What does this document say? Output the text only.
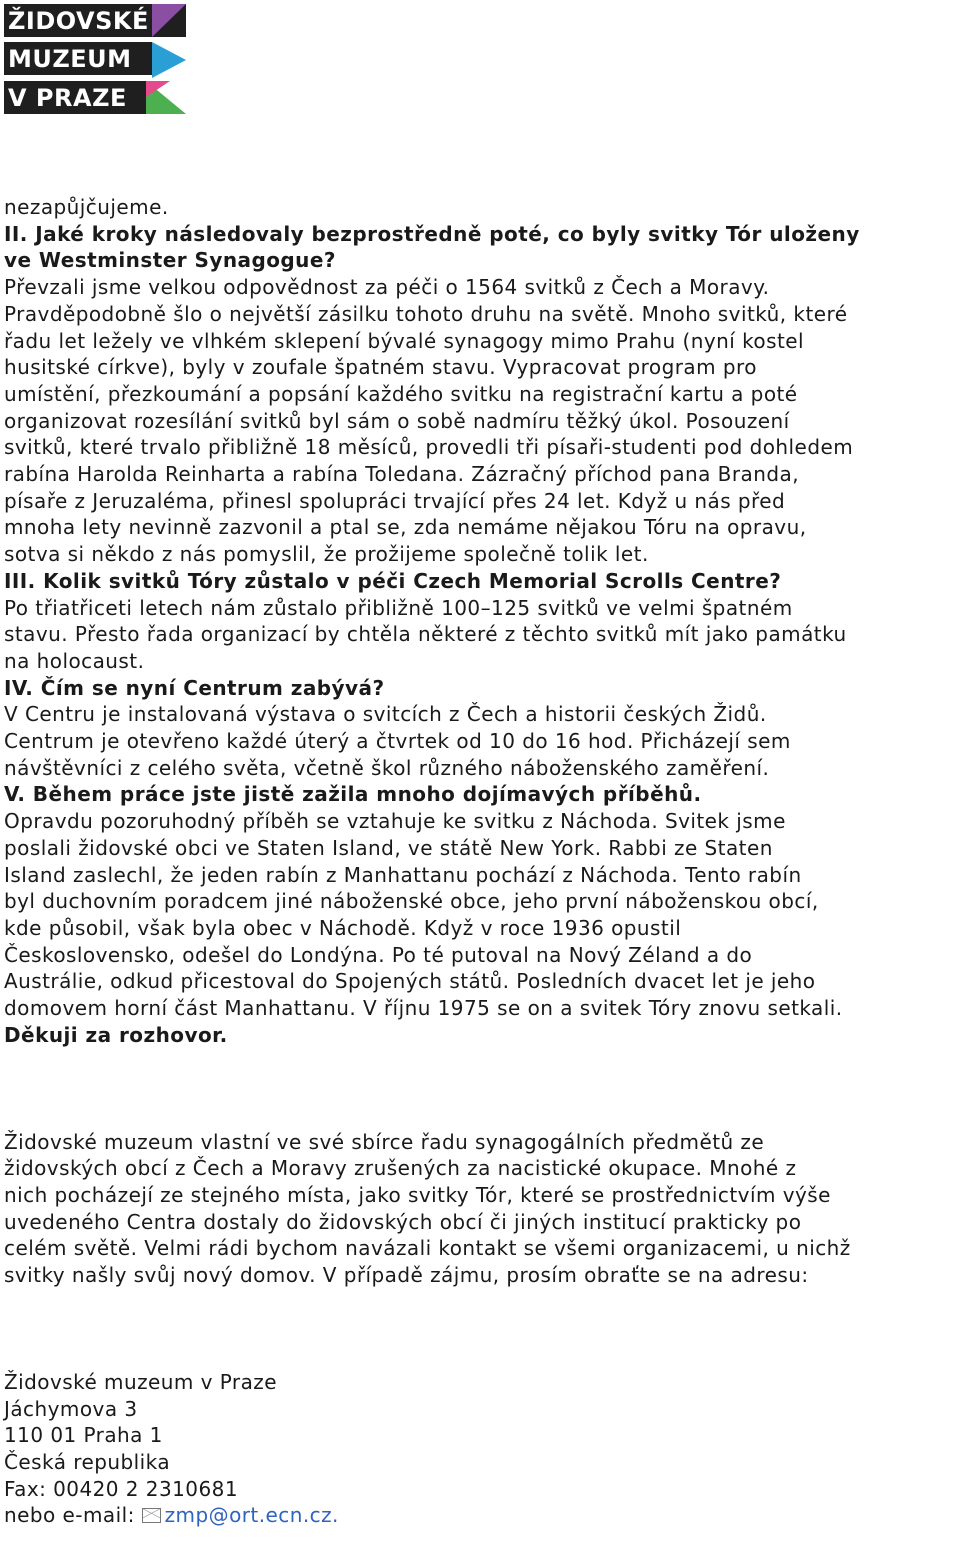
ŽIDOVSKÉ
MUZEUM
V PRAZE

nezapůjčujeme.

II. Jaké kroky následovaly bezprostředně poté, co byly svitky Tór uloženy

ve Westminster Synagogue?

Převzali jsme velkou odpovědnost za péči o 1564 svitků z Čech a Moravy.

Pravděpodobně šlo o největší zásilku tohoto druhu na světě. Mnoho svitků, které

řadu let ležely ve vlhkém sklepení bývalé synagogy mimo Prahu (nyní kostel

husitské církve), byly v zoufale špatném stavu. Vypracovat program pro

umístění, přezkoumání a popsání každého svitku na registrační kartu a poté

organizovat rozesílání svitků byl sám o sobě nadmíru těžký úkol. Posouzení

svitků, které trvalo přibližně 18 měsíců, provedli tři písaři-studenti pod dohledem

rabína Harolda Reinharta a rabína Toledana. Zázračný příchod pana Branda,

písaře z Jeruzaléma, přinesl spolupráci trvající přes 24 let. Když u nás před

mnoha lety nevinně zazvonil a ptal se, zda nemáme nějakou Tóru na opravu,

sotva si někdo z nás pomyslil, že prožijeme společně tolik let.

III. Kolik svitků Tóry zůstalo v péči Czech Memorial Scrolls Centre?

Po třiatřiceti letech nám zůstalo přibližně 100–125 svitků ve velmi špatném

stavu. Přesto řada organizací by chtěla některé z těchto svitků mít jako památku

na holocaust.

IV. Čím se nyní Centrum zabývá?

V Centru je instalovaná výstava o svitcích z Čech a historii českých Židů.

Centrum je otevřeno každé úterý a čtvrtek od 10 do 16 hod. Přicházejí sem

návštěvníci z celého světa, včetně škol různého náboženského zaměření.

V. Během práce jste jistě zažila mnoho dojímavých příběhů.

Opravdu pozoruhodný příběh se vztahuje ke svitku z Náchoda. Svitek jsme

poslali židovské obci ve Staten Island, ve státě New York. Rabbi ze Staten

Island zaslechl, že jeden rabín z Manhattanu pochází z Náchoda. Tento rabín

byl duchovním poradcem jiné náboženské obce, jeho první náboženskou obcí,

kde působil, však byla obec v Náchodě. Když v roce 1936 opustil

Československo, odešel do Londýna. Po té putoval na Nový Zéland a do

Austrálie, odkud přicestoval do Spojených států. Posledních dvacet let je jeho

domovem horní část Manhattanu. V říjnu 1975 se on a svitek Tóry znovu setkali.

Děkuji za rozhovor.

Židovské muzeum vlastní ve své sbírce řadu synagogálních předmětů ze

židovských obcí z Čech a Moravy zrušených za nacistické okupace. Mnohé z

nich pocházejí ze stejného místa, jako svitky Tór, které se prostřednictvím výše

uvedeného Centra dostaly do židovských obcí či jiných institucí prakticky po

celém světě. Velmi rádi bychom navázali kontakt se všemi organizacemi, u nichž

svitky našly svůj nový domov. V případě zájmu, prosím obraťte se na adresu:

Židovské muzeum v Praze

Jáchymova 3

110 01 Praha 1

Česká republika

Fax: 00420 2 2310681

nebo e-mail: zmp@ort.ecn.cz.
